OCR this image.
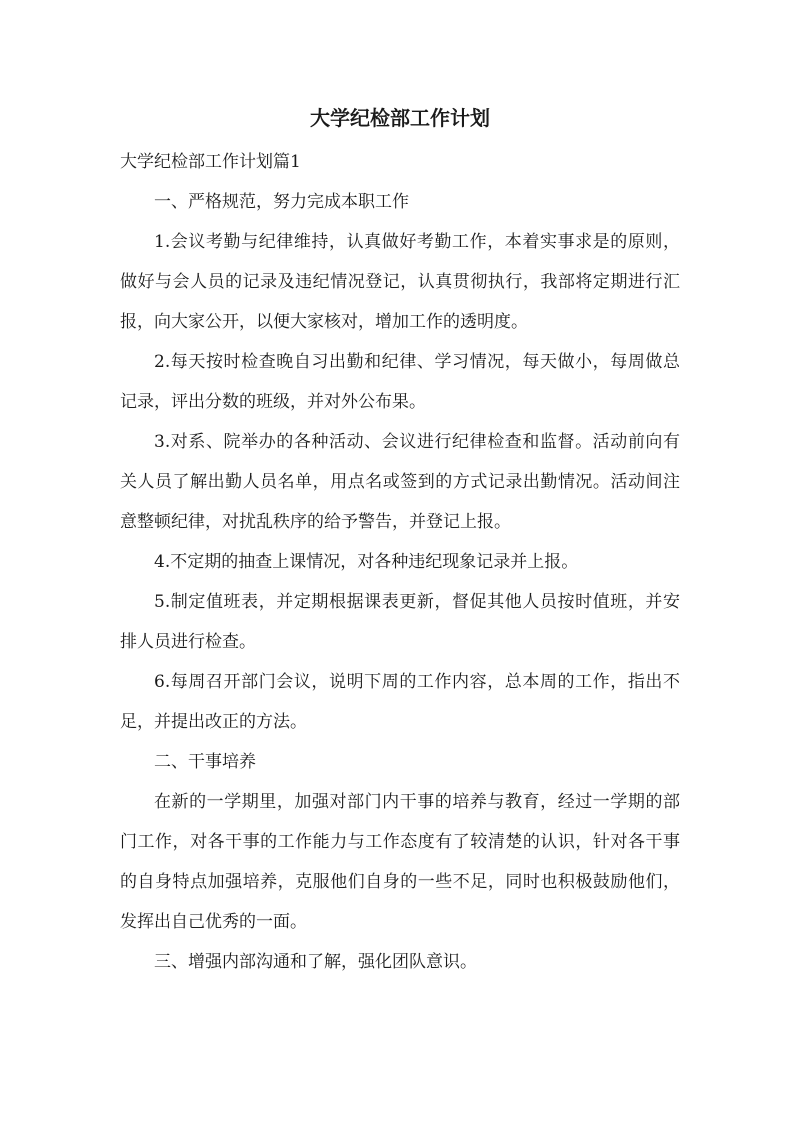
大学纪检部工作计划

大学纪检部工作计划篇1

一、严格规范，努力完成本职工作

1.会议考勤与纪律维持，认真做好考勤工作，本着实事求是的原则，做好与会人员的记录及违纪情况登记，认真贯彻执行，我部将定期进行汇报，向大家公开，以便大家核对，增加工作的透明度。

2.每天按时检查晚自习出勤和纪律、学习情况，每天做小，每周做总记录，评出分数的班级，并对外公布果。

3.对系、院举办的各种活动、会议进行纪律检查和监督。活动前向有关人员了解出勤人员名单，用点名或签到的方式记录出勤情况。活动间注意整顿纪律，对扰乱秩序的给予警告，并登记上报。

4.不定期的抽查上课情况，对各种违纪现象记录并上报。

5.制定值班表，并定期根据课表更新，督促其他人员按时值班，并安排人员进行检查。

6.每周召开部门会议，说明下周的工作内容，总本周的工作，指出不足，并提出改正的方法。

二、干事培养

在新的一学期里，加强对部门内干事的培养与教育，经过一学期的部门工作，对各干事的工作能力与工作态度有了较清楚的认识，针对各干事的自身特点加强培养，克服他们自身的一些不足，同时也积极鼓励他们，发挥出自己优秀的一面。

三、增强内部沟通和了解，强化团队意识。
